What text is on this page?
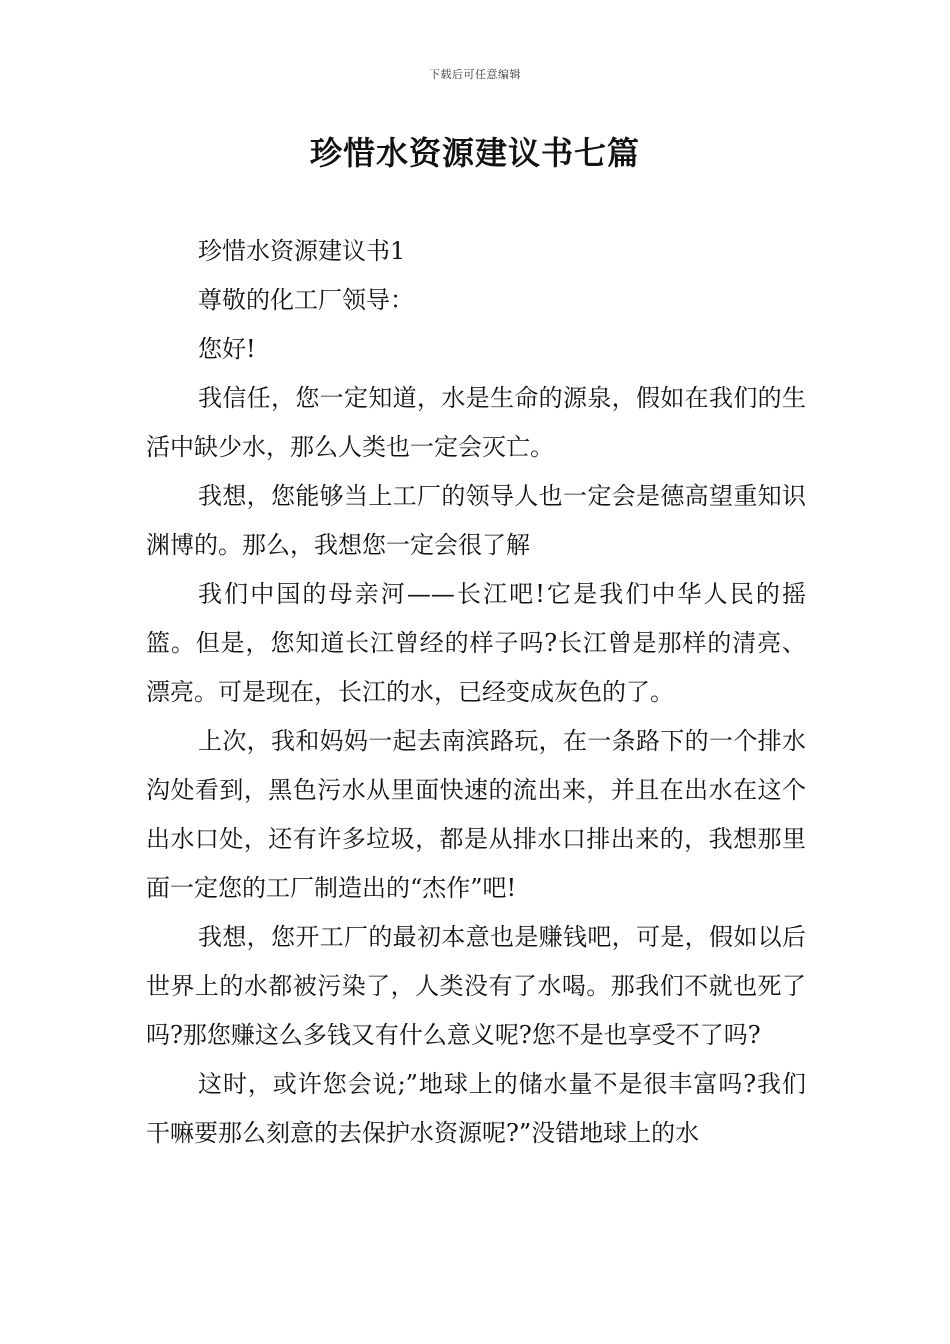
下载后可任意编辑
珍惜水资源建议书七篇

珍惜水资源建议书1

尊敬的化工厂领导：

您好!

我信任，您一定知道，水是生命的源泉，假如在我们的生活中缺少水，那么人类也一定会灭亡。

我想，您能够当上工厂的领导人也一定会是德高望重知识渊博的。那么，我想您一定会很了解

我们中国的母亲河——长江吧!它是我们中华人民的摇篮。但是，您知道长江曾经的样子吗?长江曾是那样的清亮、漂亮。可是现在，长江的水，已经变成灰色的了。

上次，我和妈妈一起去南滨路玩，在一条路下的一个排水沟处看到，黑色污水从里面快速的流出来，并且在出水在这个出水口处，还有许多垃圾，都是从排水口排出来的，我想那里面一定您的工厂制造出的“杰作”吧!

我想，您开工厂的最初本意也是赚钱吧，可是，假如以后世界上的水都被污染了，人类没有了水喝。那我们不就也死了吗?那您赚这么多钱又有什么意义呢?您不是也享受不了吗?

这时，或许您会说;”地球上的储水量不是很丰富吗?我们干嘛要那么刻意的去保护水资源呢?”没错地球上的水
